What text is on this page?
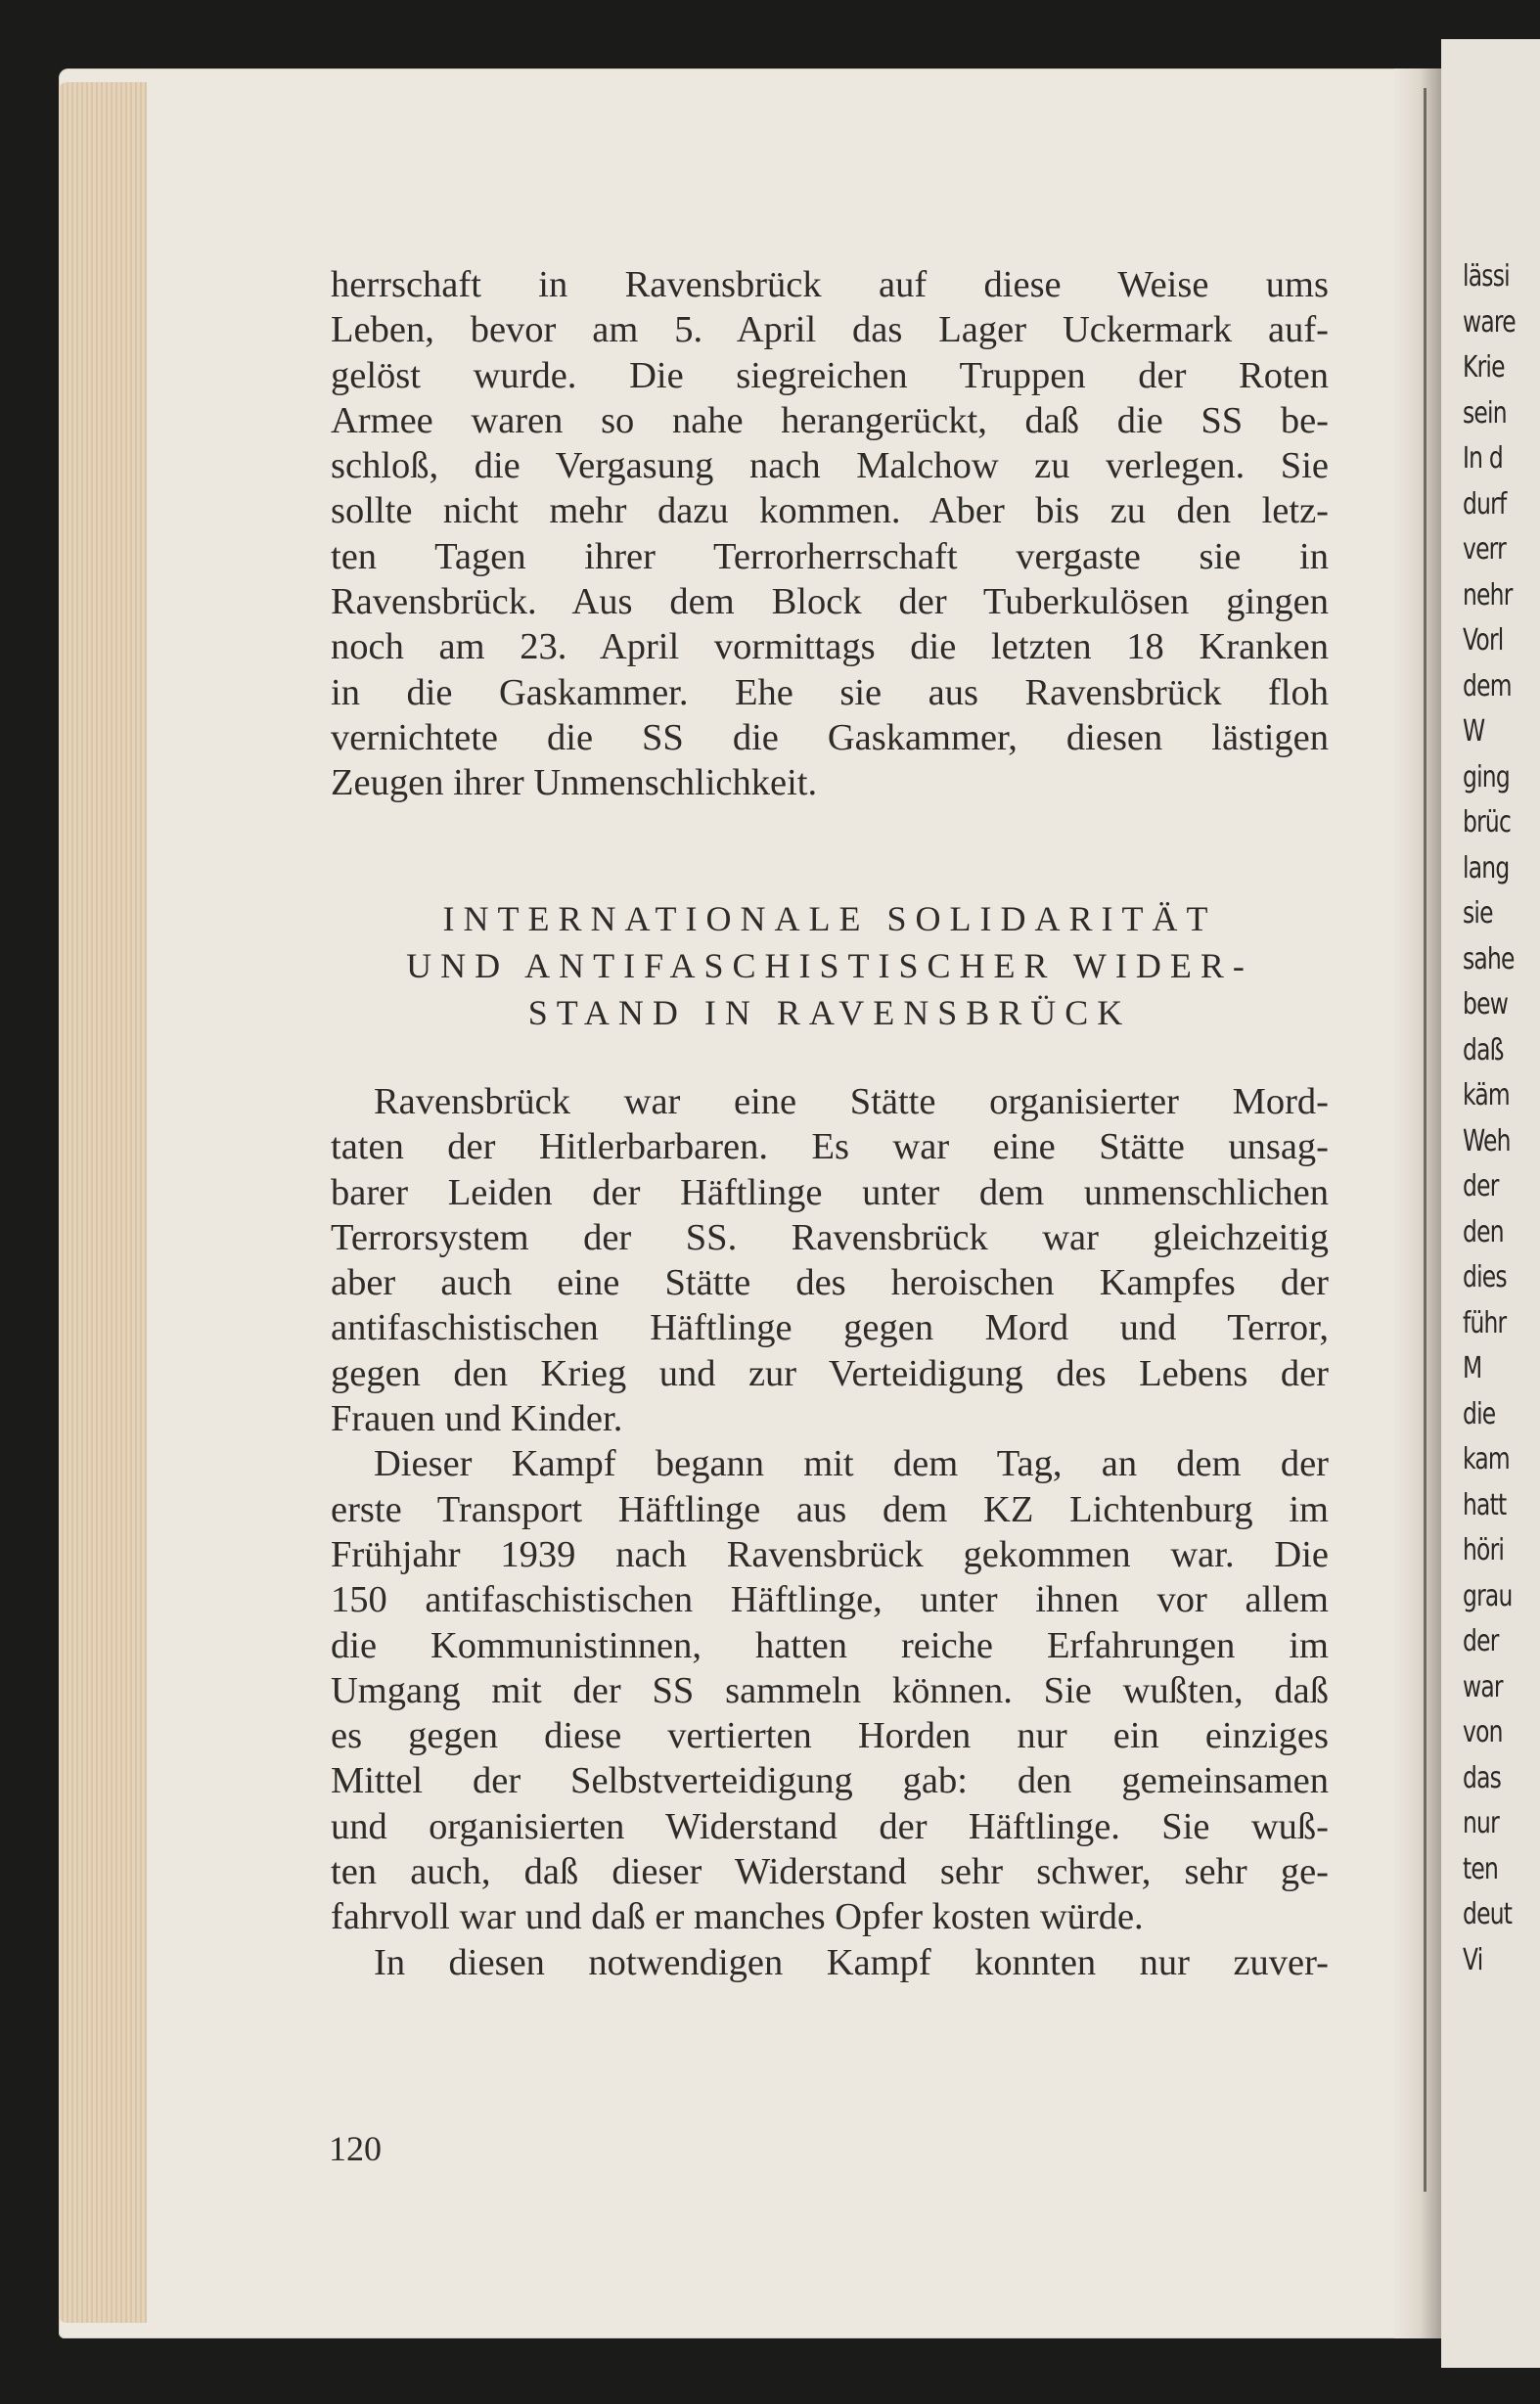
lässi
ware
Krie
sein
In d
durf
verr
nehr
Vorl
dem
W
ging
brüc
lang
sie
sahe
bew
daß
käm
Weh
der
den
dies
führ
M
die
kam
hatt
höri
grau
der
war
von
das
nur
ten
deut
Vi
herrschaft in Ravensbrück auf diese Weise ums
Leben, bevor am 5. April das Lager Uckermark auf-
gelöst wurde. Die siegreichen Truppen der Roten
Armee waren so nahe herangerückt, daß die SS be-
schloß, die Vergasung nach Malchow zu verlegen. Sie
sollte nicht mehr dazu kommen. Aber bis zu den letz-
ten Tagen ihrer Terrorherrschaft vergaste sie in
Ravensbrück. Aus dem Block der Tuberkulösen gingen
noch am 23. April vormittags die letzten 18 Kranken
in die Gaskammer. Ehe sie aus Ravensbrück floh
vernichtete die SS die Gaskammer, diesen lästigen
Zeugen ihrer Unmenschlichkeit.
INTERNATIONALE SOLIDARITÄT
UND ANTIFASCHISTISCHER WIDER-
STAND IN RAVENSBRÜCK
Ravensbrück war eine Stätte organisierter Mord-
taten der Hitlerbarbaren. Es war eine Stätte unsag-
barer Leiden der Häftlinge unter dem unmenschlichen
Terrorsystem der SS. Ravensbrück war gleichzeitig
aber auch eine Stätte des heroischen Kampfes der
antifaschistischen Häftlinge gegen Mord und Terror,
gegen den Krieg und zur Verteidigung des Lebens der
Frauen und Kinder.
Dieser Kampf begann mit dem Tag, an dem der
erste Transport Häftlinge aus dem KZ Lichtenburg im
Frühjahr 1939 nach Ravensbrück gekommen war. Die
150 antifaschistischen Häftlinge, unter ihnen vor allem
die Kommunistinnen, hatten reiche Erfahrungen im
Umgang mit der SS sammeln können. Sie wußten, daß
es gegen diese vertierten Horden nur ein einziges
Mittel der Selbstverteidigung gab: den gemeinsamen
und organisierten Widerstand der Häftlinge. Sie wuß-
ten auch, daß dieser Widerstand sehr schwer, sehr ge-
fahrvoll war und daß er manches Opfer kosten würde.
In diesen notwendigen Kampf konnten nur zuver-
120
